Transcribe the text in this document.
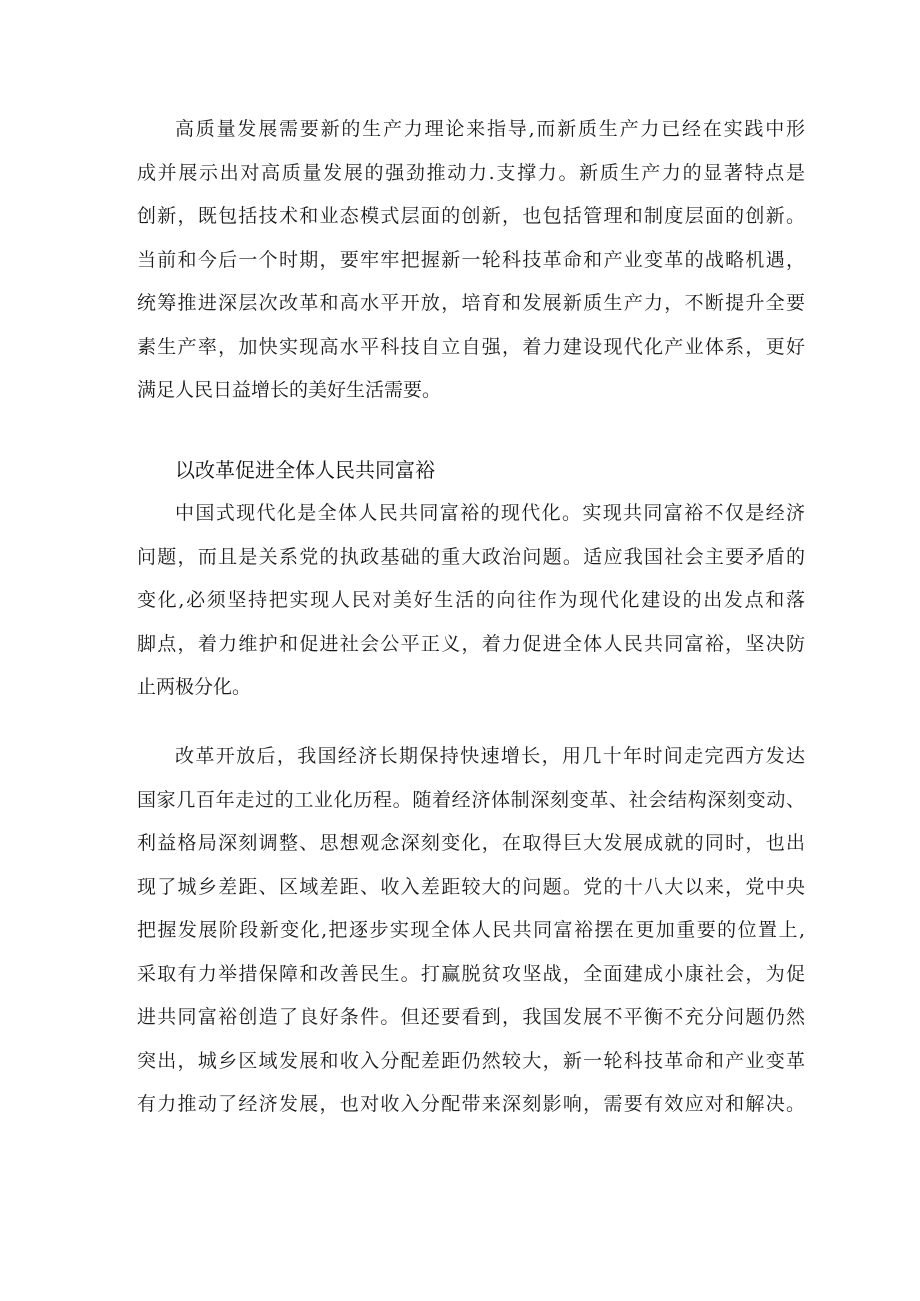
高质量发展需要新的生产力理论来指导,而新质生产力已经在实践中形
成并展示出对高质量发展的强劲推动力.支撑力。新质生产力的显著特点是
创新，既包括技术和业态模式层面的创新，也包括管理和制度层面的创新。
当前和今后一个时期，要牢牢把握新一轮科技革命和产业变革的战略机遇，
统筹推进深层次改革和高水平开放，培育和发展新质生产力，不断提升全要
素生产率，加快实现高水平科技自立自强，着力建设现代化产业体系，更好
满足人民日益增长的美好生活需要。
以改革促进全体人民共同富裕
中国式现代化是全体人民共同富裕的现代化。实现共同富裕不仅是经济
问题，而且是关系党的执政基础的重大政治问题。适应我国社会主要矛盾的
变化,必须坚持把实现人民对美好生活的向往作为现代化建设的出发点和落
脚点，着力维护和促进社会公平正义，着力促进全体人民共同富裕，坚决防
止两极分化。
改革开放后，我国经济长期保持快速增长，用几十年时间走完西方发达
国家几百年走过的工业化历程。随着经济体制深刻变革、社会结构深刻变动、
利益格局深刻调整、思想观念深刻变化，在取得巨大发展成就的同时，也出
现了城乡差距、区域差距、收入差距较大的问题。党的十八大以来，党中央
把握发展阶段新变化,把逐步实现全体人民共同富裕摆在更加重要的位置上,
采取有力举措保障和改善民生。打赢脱贫攻坚战，全面建成小康社会，为促
进共同富裕创造了良好条件。但还要看到，我国发展不平衡不充分问题仍然
突出，城乡区域发展和收入分配差距仍然较大，新一轮科技革命和产业变革
有力推动了经济发展，也对收入分配带来深刻影响，需要有效应对和解决。
